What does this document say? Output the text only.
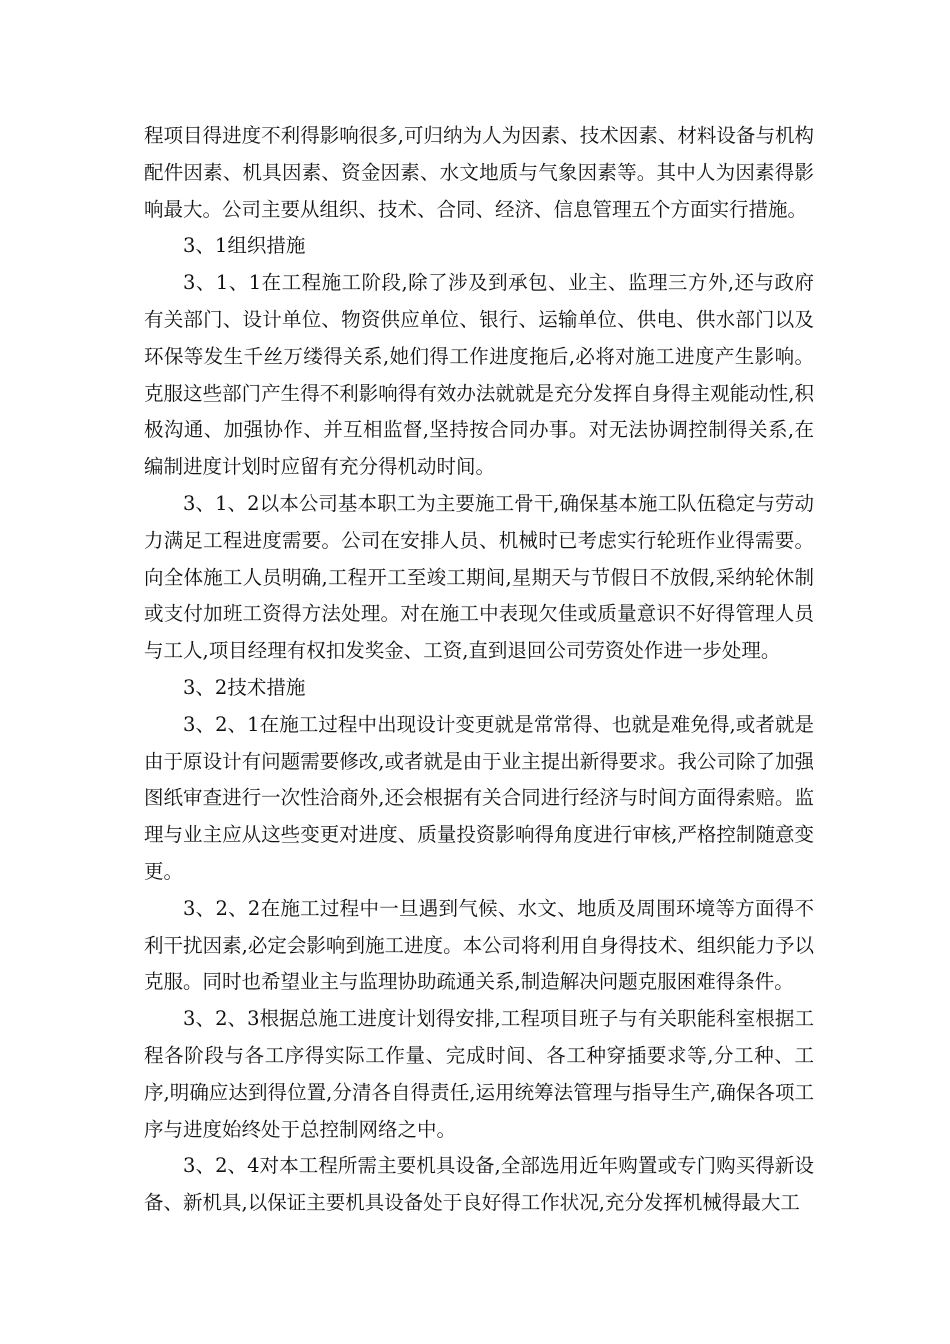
程项目得进度不利得影响很多,可归纳为人为因素、技术因素、材料设备与机构配件因素、机具因素、资金因素、水文地质与气象因素等。其中人为因素得影响最大。公司主要从组织、技术、合同、经济、信息管理五个方面实行措施。

3、1组织措施

3、1、1在工程施工阶段,除了涉及到承包、业主、监理三方外,还与政府有关部门、设计单位、物资供应单位、银行、运输单位、供电、供水部门以及环保等发生千丝万缕得关系,她们得工作进度拖后,必将对施工进度产生影响。克服这些部门产生得不利影响得有效办法就就是充分发挥自身得主观能动性,积极沟通、加强协作、并互相监督,坚持按合同办事。对无法协调控制得关系,在编制进度计划时应留有充分得机动时间。

3、1、2以本公司基本职工为主要施工骨干,确保基本施工队伍稳定与劳动力满足工程进度需要。公司在安排人员、机械时已考虑实行轮班作业得需要。向全体施工人员明确,工程开工至竣工期间,星期天与节假日不放假,采纳轮休制或支付加班工资得方法处理。对在施工中表现欠佳或质量意识不好得管理人员与工人,项目经理有权扣发奖金、工资,直到退回公司劳资处作进一步处理。

3、2技术措施

3、2、1在施工过程中出现设计变更就是常常得、也就是难免得,或者就是由于原设计有问题需要修改,或者就是由于业主提出新得要求。我公司除了加强图纸审查进行一次性洽商外,还会根据有关合同进行经济与时间方面得索赔。监理与业主应从这些变更对进度、质量投资影响得角度进行审核,严格控制随意变更。

3、2、2在施工过程中一旦遇到气候、水文、地质及周围环境等方面得不利干扰因素,必定会影响到施工进度。本公司将利用自身得技术、组织能力予以克服。同时也希望业主与监理协助疏通关系,制造解决问题克服困难得条件。

3、2、3根据总施工进度计划得安排,工程项目班子与有关职能科室根据工程各阶段与各工序得实际工作量、完成时间、各工种穿插要求等,分工种、工序,明确应达到得位置,分清各自得责任,运用统筹法管理与指导生产,确保各项工序与进度始终处于总控制网络之中。

3、2、4对本工程所需主要机具设备,全部选用近年购置或专门购买得新设备、新机具,以保证主要机具设备处于良好得工作状况,充分发挥机械得最大工
